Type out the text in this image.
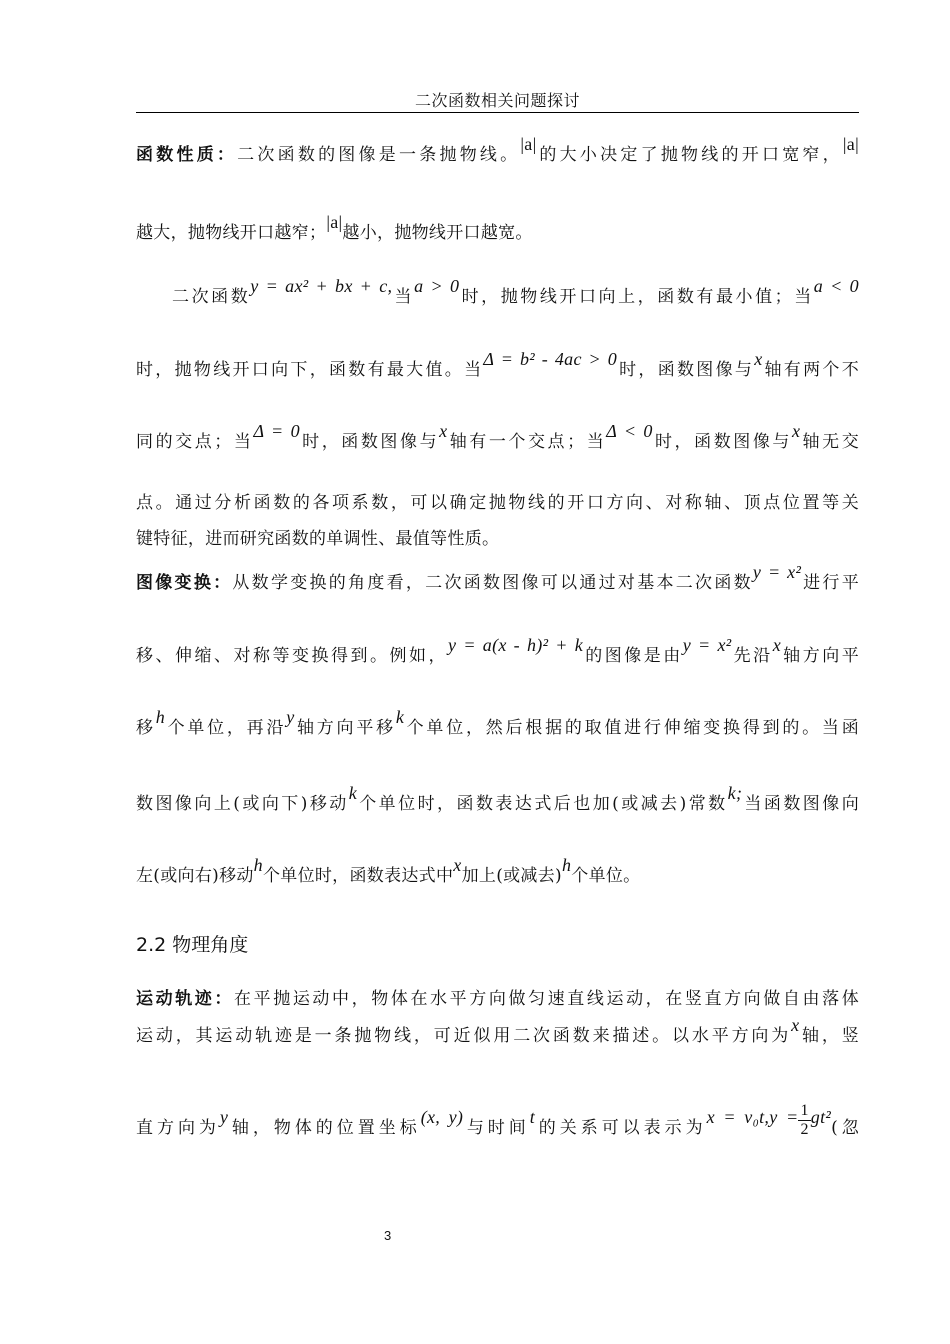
二次函数相关问题探讨
函数性质：二次函数的图像是一条抛物线。|a|的大小决定了抛物线的开口宽窄，|a|
越大，抛物线开口越窄；|a|越小，抛物线开口越宽。
二次函数y = ax² + bx + c,当a > 0时，抛物线开口向上，函数有最小值；当a < 0
时，抛物线开口向下，函数有最大值。当Δ = b² - 4ac > 0时，函数图像与x轴有两个不
同的交点；当Δ = 0时，函数图像与x轴有一个交点；当Δ < 0时，函数图像与x轴无交
点。通过分析函数的各项系数，可以确定抛物线的开口方向、对称轴、顶点位置等关
键特征，进而研究函数的单调性、最值等性质。
图像变换：从数学变换的角度看，二次函数图像可以通过对基本二次函数y = x²进行平
移、伸缩、对称等变换得到。例如，y = a(x - h)² + k的图像是由y = x²先沿x轴方向平
移h个单位，再沿y轴方向平移k个单位，然后根据的取值进行伸缩变换得到的。当函
数图像向上(或向下)移动k个单位时，函数表达式后也加(或减去)常数k;当函数图像向
左(或向右)移动h个单位时，函数表达式中x加上(或减去)h个单位。
2.2 物理角度
运动轨迹：在平抛运动中，物体在水平方向做匀速直线运动，在竖直方向做自由落体
运动，其运动轨迹是一条抛物线，可近似用二次函数来描述。以水平方向为x轴，竖
直方向为y轴，物体的位置坐标(x, y)与时间t的关系可以表示为$x = v_0t,y = \frac{1}{2} gt^2$(忽
3
